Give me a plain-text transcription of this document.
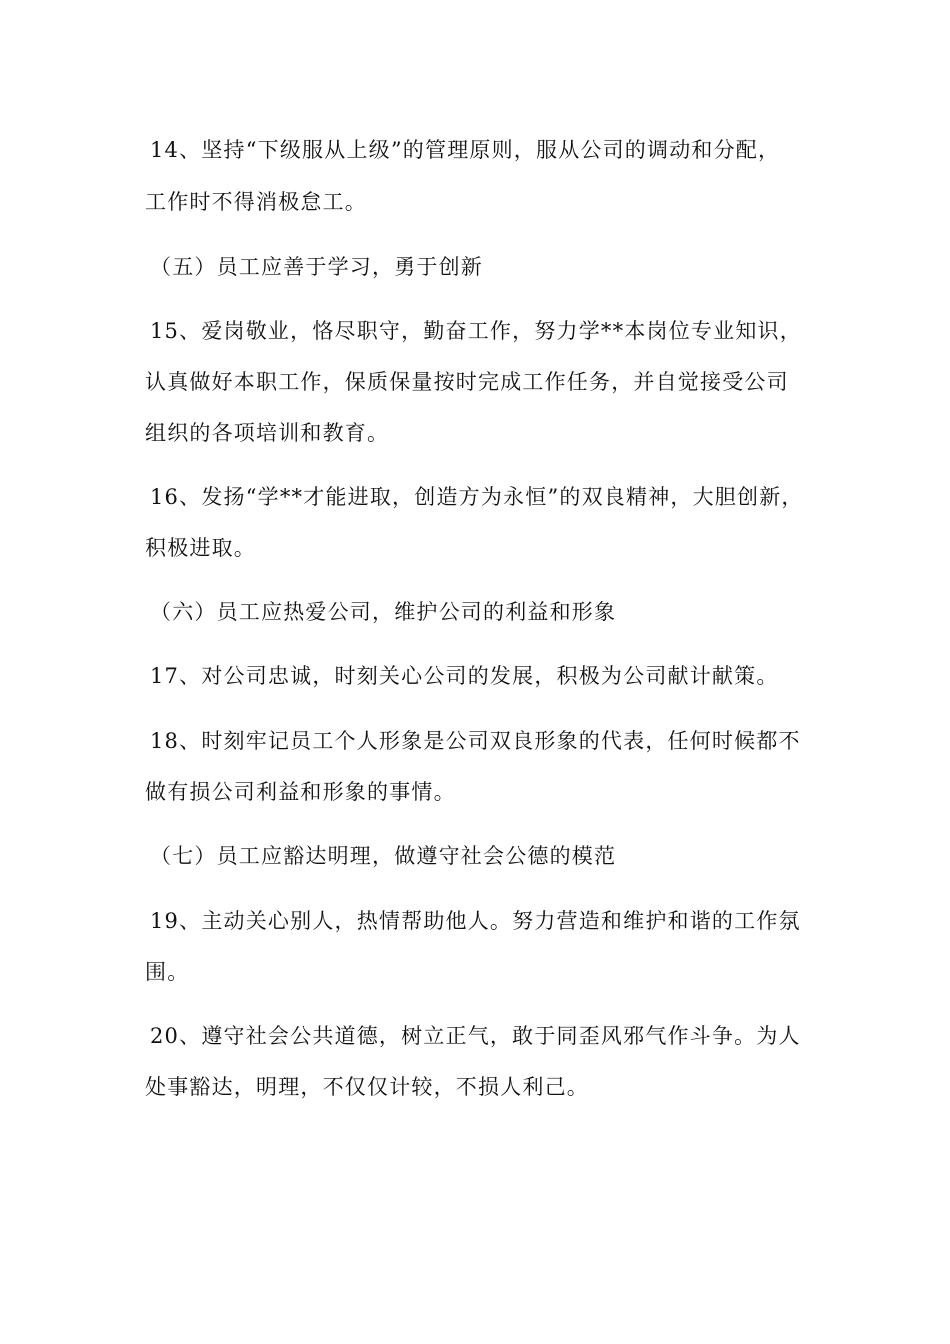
14、坚持“下级服从上级”的管理原则，服从公司的调动和分配，
工作时不得消极怠工。
（五）员工应善于学习，勇于创新
15、爱岗敬业，恪尽职守，勤奋工作，努力学**本岗位专业知识，
认真做好本职工作，保质保量按时完成工作任务，并自觉接受公司
组织的各项培训和教育。
16、发扬“学**才能进取，创造方为永恒”的双良精神，大胆创新，
积极进取。
（六）员工应热爱公司，维护公司的利益和形象
17、对公司忠诚，时刻关心公司的发展，积极为公司献计献策。
18、时刻牢记员工个人形象是公司双良形象的代表，任何时候都不
做有损公司利益和形象的事情。
（七）员工应豁达明理，做遵守社会公德的模范
19、主动关心别人，热情帮助他人。努力营造和维护和谐的工作氛
围。
20、遵守社会公共道德，树立正气，敢于同歪风邪气作斗争。为人
处事豁达，明理，不仅仅计较，不损人利己。
